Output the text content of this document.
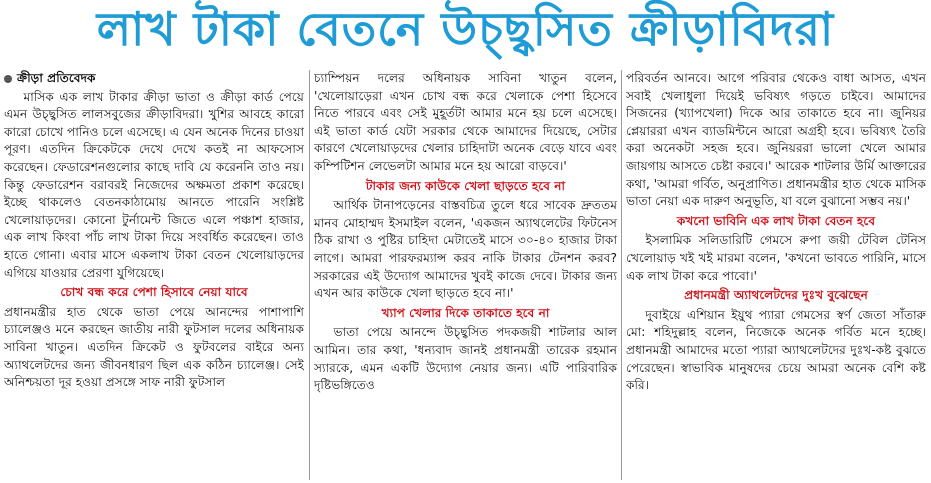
লাখ টাকা বেতনে উচ্ছ্বসিত ক্রীড়াবিদরা
ক্রীড়া প্রতিবেদক

মাসিক এক লাখ টাকার ক্রীড়া ভাতা ও ক্রীড়া কার্ড পেয়ে এমন উচ্ছ্বসিত লালসবুজের ক্রীড়াবিদরা। খুশির আবহে কারো কারো চোখে পানিও চলে এসেছে। এ যেন অনেক দিনের চাওয়া পূরণ। এতদিন ক্রিকেটকে দেখে দেখে কতই না আফসোস করেছেন। ফেডারেশনগুলোর কাছে দাবি যে করেননি তাও নয়। কিন্তু ফেডারেশন বরাবরই নিজেদের অক্ষমতা প্রকাশ করেছে। ইচ্ছে থাকলেও বেতনকাঠামোয় আনতে পারেনি সংশ্লিষ্ট খেলোয়াড়দের। কোনো টুর্নামেন্ট জিতে এলে পঞ্চাশ হাজার, এক লাখ কিংবা পাঁচ লাখ টাকা দিয়ে সংবর্ধিত করেছেন। তাও হাতে গোনা। এবার মাসে একলাখ টাকা বেতন খেলোয়াড়দের এগিয়ে যাওয়ার প্রেরণা যুগিয়েছে।

চোখ বন্ধ করে পেশা হিসাবে নেয়া যাবে

প্রধানমন্ত্রীর হাত থেকে ভাতা পেয়ে আনন্দের পাশাপাশি চ্যালেঞ্জও মনে করছেন জাতীয় নারী ফুটসাল দলের অধিনায়ক সাবিনা খাতুন। এতদিন ক্রিকেট ও ফুটবলের বাইরে অন্য অ্যাথলেটদের জন্য জীবনধারণ ছিল এক কঠিন চ্যালেঞ্জ। সেই অনিশ্চয়তা দূর হওয়া প্রসঙ্গে সাফ নারী ফুটসাল

চ্যাম্পিয়ন দলের অধিনায়ক সাবিনা খাতুন বলেন, 'খেলোয়াড়েরা এখন চোখ বন্ধ করে খেলাকে পেশা হিসেবে নিতে পারবে এবং সেই মুহূর্তটা আমার মনে হয় চলে এসেছে। এই ভাতা কার্ড যেটা সরকার থেকে আমাদের দিয়েছে, সেটার কারণে খেলোয়াড়দের খেলার চাহিদাটা অনেক বেড়ে যাবে এবং কম্পিটিশন লেভেলটা আমার মনে হয় আরো বাড়বে।'

টাকার জন্য কাউকে খেলা ছাড়তে হবে না

আর্থিক টানাপড়েনের বাস্তবচিত্র তুলে ধরে সাবেক দ্রুততম মানব মোহাম্মদ ইসমাইল বলেন, 'একজন অ্যাথলেটের ফিটনেস ঠিক রাখা ও পুষ্টির চাহিদা মেটাতেই মাসে ৩০-৪০ হাজার টাকা লাগে। আমরা পারফরম্যান্স করব নাকি টাকার টেনশন করব? সরকারের এই উদ্যোগ আমাদের খুবই কাজে দেবে। টাকার জন্য এখন আর কাউকে খেলা ছাড়তে হবে না।'

খ্যাপ খেলার দিকে তাকাতে হবে না

ভাতা পেয়ে আনন্দে উচ্ছ্বসিত পদকজয়ী শাটলার আল আমিন। তার কথা, 'ধন্যবাদ জানই প্রধানমন্ত্রী তারেক রহমান স্যারকে, এমন একটি উদ্যোগ নেয়ার জন্য। এটি পারিবারিক দৃষ্টিভঙ্গিতেও

পরিবর্তন আনবে। আগে পরিবার থেকেও বাধা আসত, এখন সবাই খেলাধুলা দিয়েই ভবিষ্যৎ গড়তে চাইবে। আমাদের সিজনের (খ্যাপখেলা) দিকে আর তাকাতে হবে না। জুনিয়র প্লেয়াররা এখন ব্যাডমিন্টনে আরো অগ্রহী হবে। ভবিষ্যৎ তৈরি করা অনেকটা সহজ হবে। জুনিয়ররা ভালো খেলে আমার জায়গায় আসতে চেষ্টা করবে।' আরেক শাটলার উর্মি আক্তারের কথা, 'আমরা গর্বিত, অনুপ্রাণিত। প্রধানমন্ত্রীর হাত থেকে মাসিক ভাতা নেয়া এক দারুণ অনুভূতি, যা বলে বুঝানো সম্ভব নয়।'

কখনো ভাবিনি এক লাখ টাকা বেতন হবে

ইসলামিক সলিডারিটি গেমসে রুপা জয়ী টেবিল টেনিস খেলোয়াড় খই খই মারমা বলেন, 'কখনো ভাবতে পারিনি, মাসে এক লাখ টাকা করে পাবো।'

প্রধানমন্ত্রী অ্যাথলেটদের দুঃখ বুঝেছেন

দুবাইয়ে এশিয়ান ইয়ুথ প্যারা গেমসের স্বর্ণ জেতা সাঁতারু মো: শহিদুল্লাহ বলেন, নিজেকে অনেক গর্বিত মনে হচ্ছে। প্রধানমন্ত্রী আমাদের মতো প্যারা অ্যাথলেটদের দুঃখ-কষ্ট বুঝতে পেরেছেন। স্বাভাবিক মানুষদের চেয়ে আমরা অনেক বেশি কষ্ট করি।
